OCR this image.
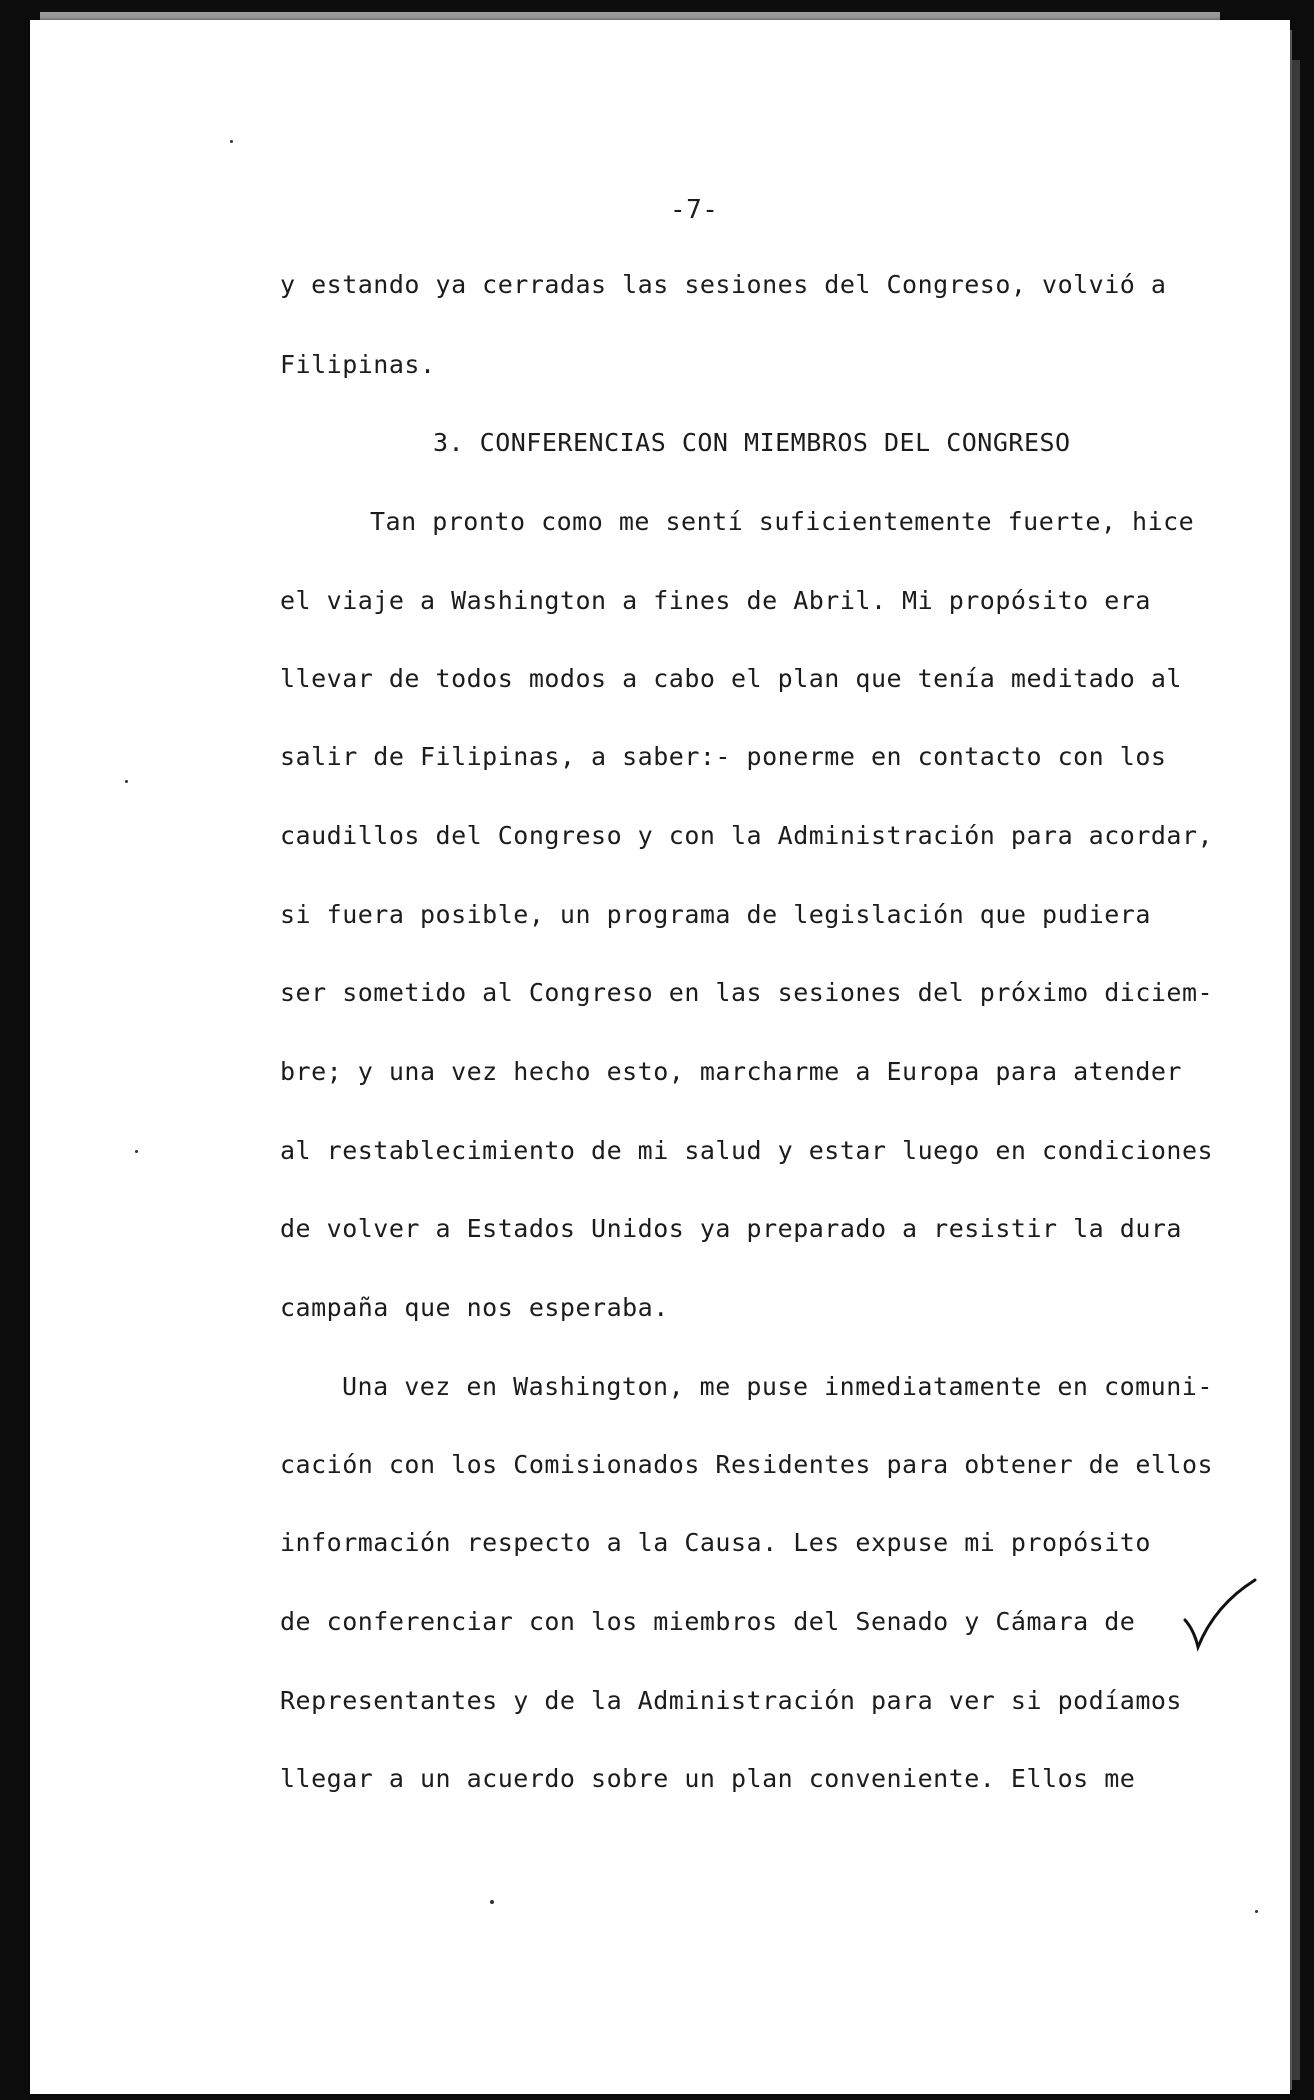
-7-
y estando ya cerradas las sesiones del Congreso, volvió a
Filipinas.
3. CONFERENCIAS CON MIEMBROS DEL CONGRESO
Tan pronto como me sentí suficientemente fuerte, hice
el viaje a Washington a fines de Abril. Mi propósito era
llevar de todos modos a cabo el plan que tenía meditado al
salir de Filipinas, a saber:- ponerme en contacto con los
caudillos del Congreso y con la Administración para acordar,
si fuera posible, un programa de legislación que pudiera
ser sometido al Congreso en las sesiones del próximo diciem-
bre; y una vez hecho esto, marcharme a Europa para atender
al restablecimiento de mi salud y estar luego en condiciones
de volver a Estados Unidos ya preparado a resistir la dura
campaña que nos esperaba.
Una vez en Washington, me puse inmediatamente en comuni-
cación con los Comisionados Residentes para obtener de ellos
información respecto a la Causa. Les expuse mi propósito
de conferenciar con los miembros del Senado y Cámara de
Representantes y de la Administración para ver si podíamos
llegar a un acuerdo sobre un plan conveniente. Ellos me
